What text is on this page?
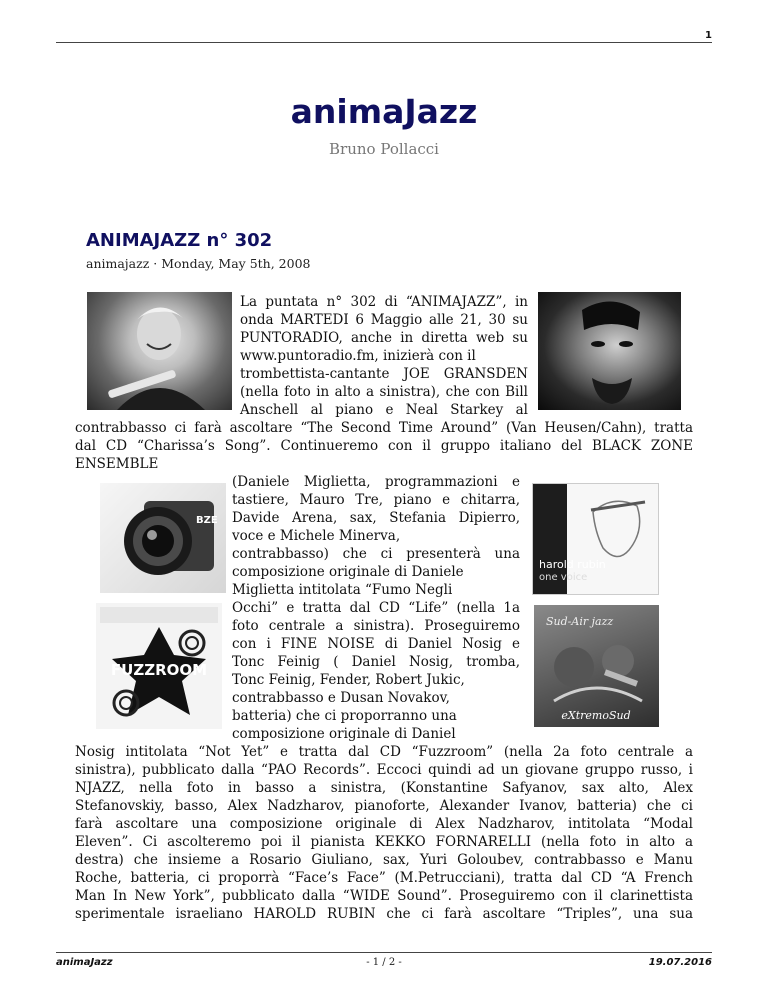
1
animaJazz
Bruno Pollacci
ANIMAJAZZ n° 302
animajazz · Monday, May 5th, 2008
BZE
FUZZROOM
harold rubin
one voice
Sud-Air jazz
eXtremoSud
La puntata n° 302 di “ANIMAJAZZ”, in
onda MARTEDI 6 Maggio alle 21, 30 su
PUNTORADIO, anche in diretta web su
www.puntoradio.fm, inizierà con il
trombettista-cantante JOE GRANSDEN
(nella foto in alto a sinistra), che con Bill
Anschell al piano e Neal Starkey al
contrabbasso ci farà ascoltare “The Second Time Around” (Van Heusen/Cahn), tratta
dal CD “Charissa’s Song”. Continueremo con il gruppo italiano del BLACK ZONE
ENSEMBLE
(Daniele Miglietta, programmazioni e
tastiere, Mauro Tre, piano e chitarra,
Davide Arena, sax, Stefania Dipierro,
voce e Michele Minerva,
contrabbasso) che ci presenterà una
composizione originale di Daniele
Miglietta intitolata “Fumo Negli
Occhi” e tratta dal CD “Life” (nella 1a
foto centrale a sinistra). Proseguiremo
con i FINE NOISE di Daniel Nosig e
Tonc Feinig ( Daniel Nosig, tromba,
Tonc Feinig, Fender, Robert Jukic,
contrabbasso e Dusan Novakov,
batteria) che ci proporranno una
composizione originale di Daniel
Nosig intitolata “Not Yet” e tratta dal CD “Fuzzroom” (nella 2a foto centrale a
sinistra), pubblicato dalla “PAO Records”. Eccoci quindi ad un giovane gruppo russo, i
NJAZZ, nella foto in basso a sinistra, (Konstantine Safyanov, sax alto, Alex
Stefanovskiy, basso, Alex Nadzharov, pianoforte, Alexander Ivanov, batteria) che ci
farà ascoltare una composizione originale di Alex Nadzharov, intitolata “Modal
Eleven”. Ci ascolteremo poi il pianista KEKKO FORNARELLI (nella foto in alto a
destra) che insieme a Rosario Giuliano, sax, Yuri Goloubev, contrabbasso e Manu
Roche, batteria, ci proporrà “Face’s Face” (M.Petrucciani), tratta dal CD “A French
Man In New York”, pubblicato dalla “WIDE Sound”. Proseguiremo con il clarinettista
sperimentale israeliano HAROLD RUBIN che ci farà ascoltare “Triples”, una sua
animaJazz	- 1 / 2 -	19.07.2016
